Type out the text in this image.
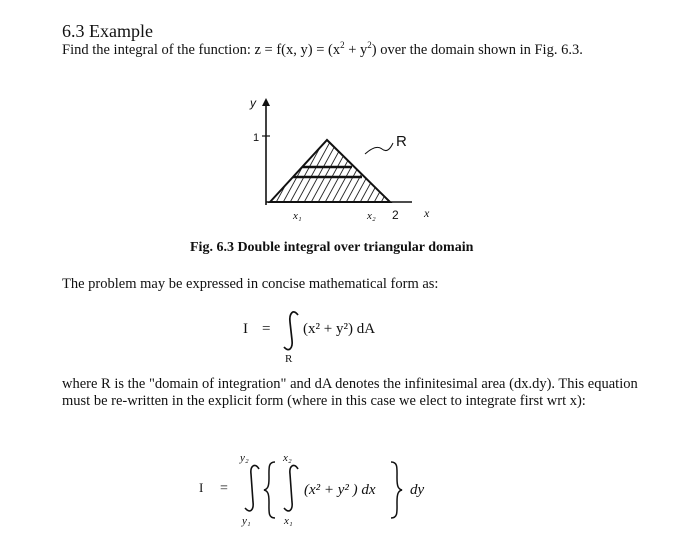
6.3 Example
Find the integral of the function: z = f(x, $y) = (x^2 + y^2)$ over the domain shown in Fig. 6.3.
y
1	R
x₁	x₂ 2 x
I = (x² + y²) dA
R
I =
y₂
y₁
x₂
x₁
(x² + y² ) dx dy
Fig. 6.3 Double integral over triangular domain
The problem may be expressed in concise mathematical form as:
where R is the "domain of integration" and dA denotes the infinitesimal area (dx.dy). This equation must be re-written in the explicit form (where in this case we elect to integrate first wrt x):
